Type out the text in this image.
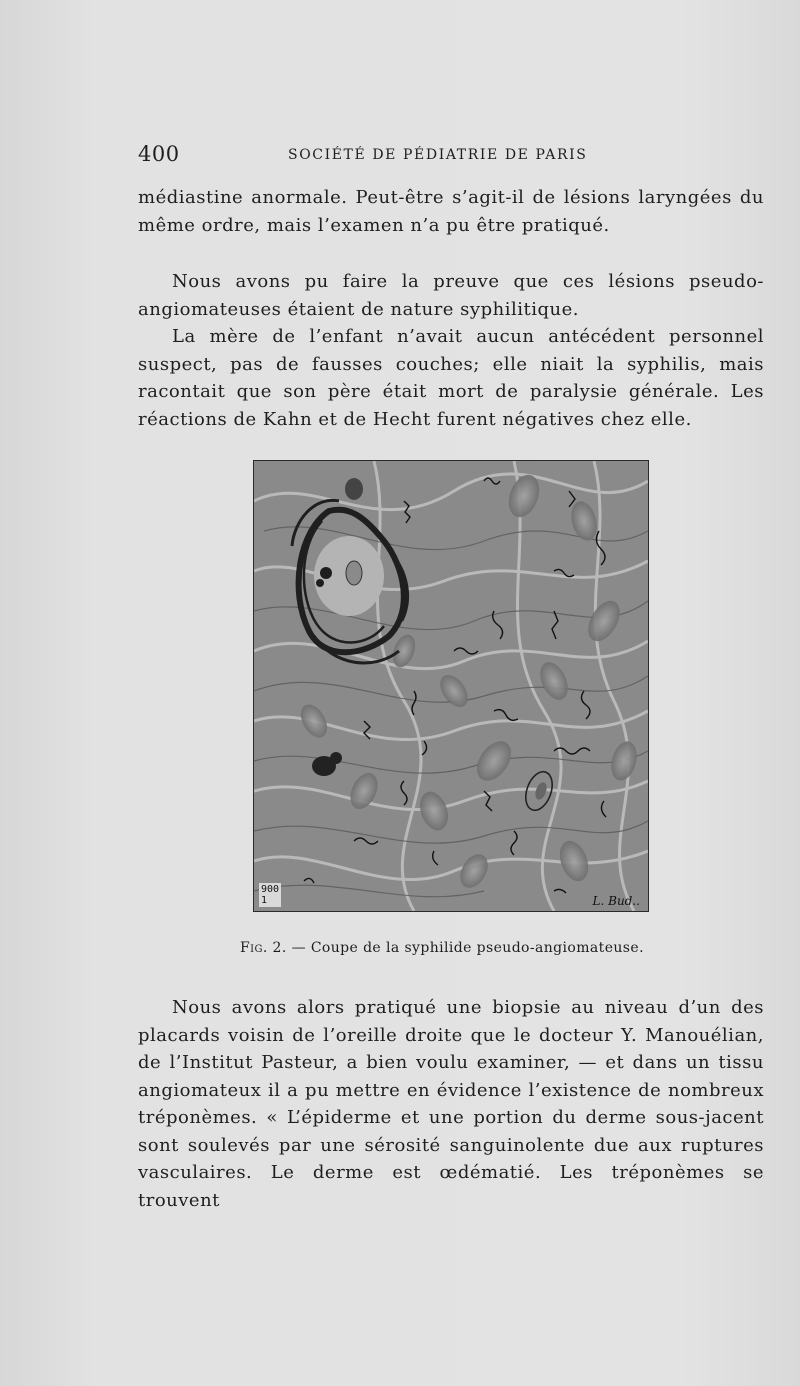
400	SOCIÉTÉ DE PÉDIATRIE DE PARIS

médiastine anormale. Peut-être s’agit-il de lésions laryngées du même ordre, mais l’examen n’a pu être pratiqué.

Nous avons pu faire la preuve que ces lésions pseudo-angiomateuses étaient de nature syphilitique.

La mère de l’enfant n’avait aucun antécédent personnel suspect, pas de fausses couches; elle niait la syphilis, mais racontait que son père était mort de paralysie générale. Les réactions de Kahn et de Hecht furent négatives chez elle.

900
1	L. Bud..
Fig. 2. — Coupe de la syphilide pseudo-angiomateuse.

Nous avons alors pratiqué une biopsie au niveau d’un des placards voisin de l’oreille droite que le docteur Y. Manouélian, de l’Institut Pasteur, a bien voulu examiner, — et dans un tissu angiomateux il a pu mettre en évidence l’existence de nombreux tréponèmes. « L’épiderme et une portion du derme sous-jacent sont soulevés par une sérosité sanguinolente due aux ruptures vasculaires. Le derme est œdématié. Les tréponèmes se trouvent
